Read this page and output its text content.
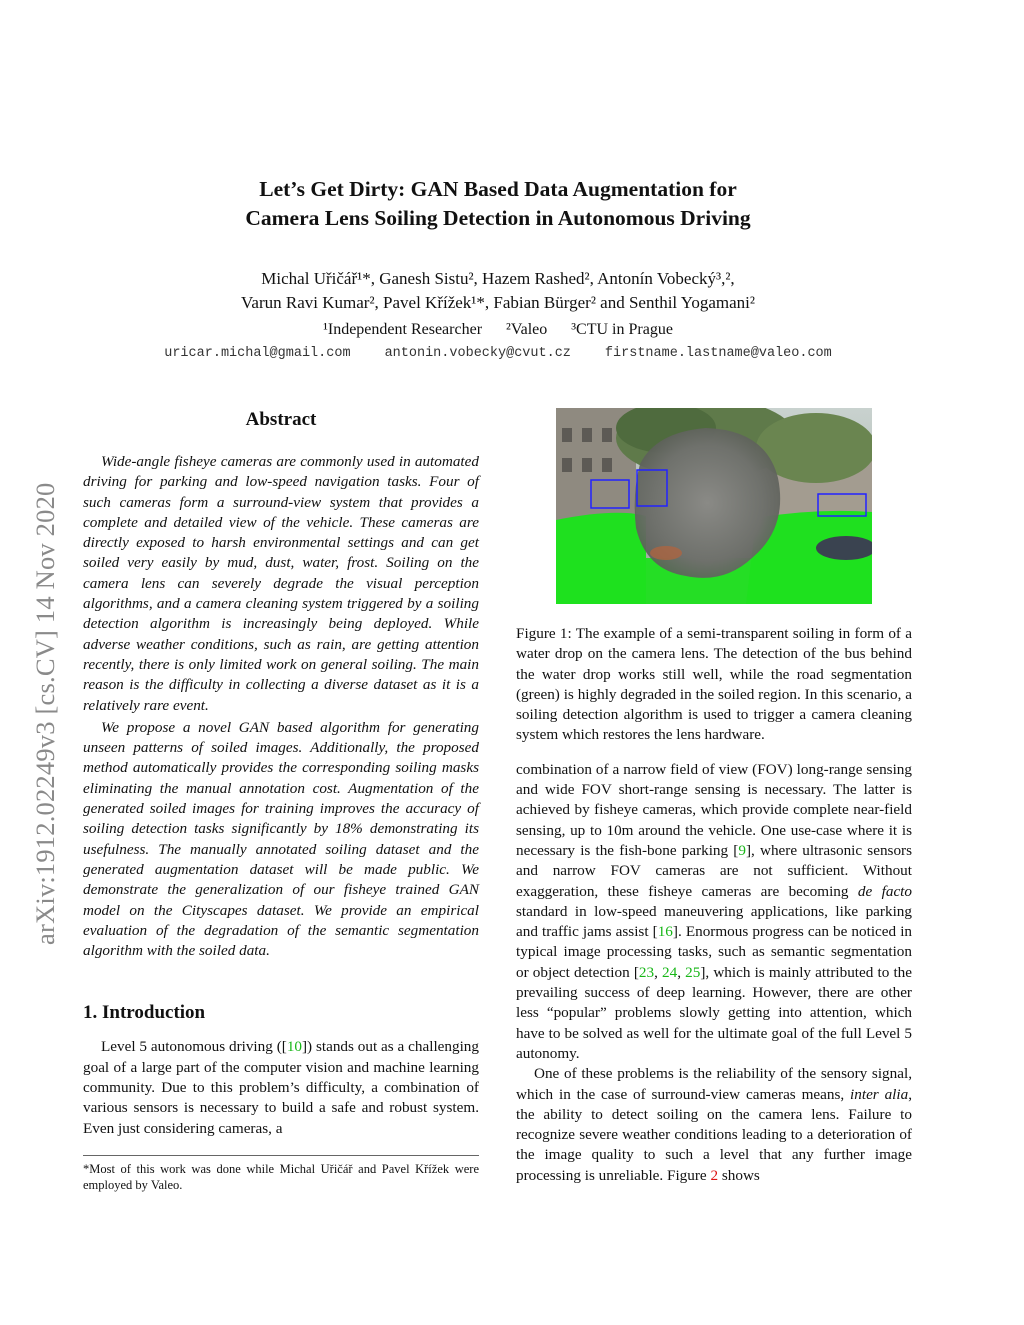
arXiv:1912.02249v3 [cs.CV] 14 Nov 2020
Let’s Get Dirty: GAN Based Data Augmentation for
Camera Lens Soiling Detection in Autonomous Driving
Michal Uřičář¹*, Ganesh Sistu², Hazem Rashed², Antonín Vobecký³,²,
Varun Ravi Kumar², Pavel Křížek¹*, Fabian Bürger² and Senthil Yogamani²
¹Independent Researcher ²Valeo ³CTU in Prague
uricar.michal@gmail.com	antonin.vobecky@cvut.cz	firstname.lastname@valeo.com
Abstract

Wide-angle fisheye cameras are commonly used in automated driving for parking and low-speed navigation tasks. Four of such cameras form a surround-view system that provides a complete and detailed view of the vehicle. These cameras are directly exposed to harsh environmental settings and can get soiled very easily by mud, dust, water, frost. Soiling on the camera lens can severely degrade the visual perception algorithms, and a camera cleaning system triggered by a soiling detection algorithm is increasingly being deployed. While adverse weather conditions, such as rain, are getting attention recently, there is only limited work on general soiling. The main reason is the difficulty in collecting a diverse dataset as it is a relatively rare event.

We propose a novel GAN based algorithm for generating unseen patterns of soiled images. Additionally, the proposed method automatically provides the corresponding soiling masks eliminating the manual annotation cost. Augmentation of the generated soiled images for training improves the accuracy of soiling detection tasks significantly by 18% demonstrating its usefulness. The manually annotated soiling dataset and the generated augmentation dataset will be made public. We demonstrate the generalization of our fisheye trained GAN model on the Cityscapes dataset. We provide an empirical evaluation of the degradation of the semantic segmentation algorithm with the soiled data.

1. Introduction

Level 5 autonomous driving ([10]) stands out as a challenging goal of a large part of the computer vision and machine learning community. Due to this problem’s difficulty, a combination of various sensors is necessary to build a safe and robust system. Even just considering cameras, a

*Most of this work was done while Michal Uřičář and Pavel Křížek were employed by Valeo.
Figure 1: The example of a semi-transparent soiling in form of a water drop on the camera lens. The detection of the bus behind the water drop works still well, while the road segmentation (green) is highly degraded in the soiled region. In this scenario, a soiling detection algorithm is used to trigger a camera cleaning system which restores the lens hardware.

combination of a narrow field of view (FOV) long-range sensing and wide FOV short-range sensing is necessary. The latter is achieved by fisheye cameras, which provide complete near-field sensing, up to 10m around the vehicle. One use-case where it is necessary is the fish-bone parking [9], where ultrasonic sensors and narrow FOV cameras are not sufficient. Without exaggeration, these fisheye cameras are becoming de facto standard in low-speed maneuvering applications, like parking and traffic jams assist [16]. Enormous progress can be noticed in typical image processing tasks, such as semantic segmentation or object detection [23, 24, 25], which is mainly attributed to the prevailing success of deep learning. However, there are other less “popular” problems slowly getting into attention, which have to be solved as well for the ultimate goal of the full Level 5 autonomy.

One of these problems is the reliability of the sensory signal, which in the case of surround-view cameras means, inter alia, the ability to detect soiling on the camera lens. Failure to recognize severe weather conditions leading to a deterioration of the image quality to such a level that any further image processing is unreliable. Figure 2 shows
